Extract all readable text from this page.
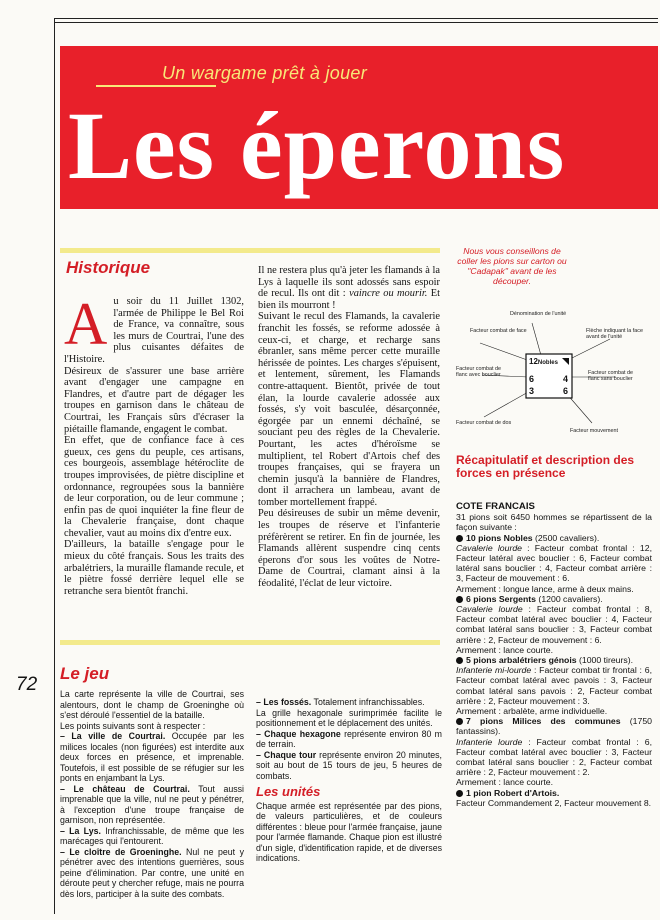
Un wargame prêt à jouer
Les éperons
Historique

A u soir du 11 Juillet 1302, l'armée de Philippe le Bel Roi de France, va connaître, sous les murs de Courtrai, l'une des plus cuisantes défaites de l'Histoire.

Désireux de s'assurer une base arrière avant d'engager une campagne en Flandres, et d'autre part de dégager les troupes en garnison dans le château de Courtrai, les Français sûrs d'écraser la piétaille flamande, engagent le combat.

En effet, que de confiance face à ces gueux, ces gens du peuple, ces artisans, ces bourgeois, assemblage hétéroclite de troupes improvisées, de piètre discipline et ordonnance, regroupées sous la bannière de leur corporation, ou de leur commune ; enfin pas de quoi inquiéter la fine fleur de la Chevalerie française, dont chaque chevalier, vaut au moins dix d'entre eux.

D'ailleurs, la bataille s'engage pour le mieux du côté français. Sous les traits des arbalétriers, la muraille flamande recule, et le piètre fossé derrière lequel elle se retranche sera bientôt franchi.

Il ne restera plus qu'à jeter les flamands à la Lys à laquelle ils sont adossés sans espoir de recul. Ils ont dit : vaincre ou mourir. Et bien ils mourront !

Suivant le recul des Flamands, la cavalerie franchit les fossés, se reforme adossée à ceux-ci, et charge, et recharge sans ébranler, sans même percer cette muraille hérissée de pointes. Les charges s'épuisent, et lentement, sûrement, les Flamands contre-attaquent. Bientôt, privée de tout élan, la lourde cavalerie adossée aux fossés, s'y voit basculée, désarçonnée, égorgée par un ennemi déchaîné, se souciant peu des règles de la Chevalerie. Pourtant, les actes d'héroïsme se multiplient, tel Robert d'Artois chef des troupes françaises, qui se frayera un chemin jusqu'à la bannière de Flandres, dont il arrachera un lambeau, avant de tomber mortellement frappé.

Peu désireuses de subir un même devenir, les troupes de réserve et l'infanterie préfèrèrent se retirer. En fin de journée, les Flamands allèrent suspendre cinq cents éperons d'or sous les voûtes de Notre-Dame de Courtrai, clamant ainsi à la féodalité, l'éclat de leur victoire.

72
Le jeu

La carte représente la ville de Courtrai, ses alentours, dont le champ de Groeninghe où s'est déroulé l'essentiel de la bataille.

Les points suivants sont à respecter :

– La ville de Courtrai. Occupée par les milices locales (non figurées) est interdite aux deux forces en présence, et imprenable. Toutefois, il est possible de se réfugier sur les ponts en enjambant la Lys.

– Le château de Courtrai. Tout aussi imprenable que la ville, nul ne peut y pénétrer, à l'exception d'une troupe française de garnison, non représentée.

– La Lys. Infranchissable, de même que les marécages qui l'entourent.

– Le cloître de Groeninghe. Nul ne peut y pénétrer avec des intentions guerrières, sous peine d'élimination. Par contre, une unité en déroute peut y chercher refuge, mais ne pourra dès lors, participer à la suite des combats.

– Les fossés. Totalement infranchissables.

La grille hexagonale surimprimée facilite le positionnement et le déplacement des unités.

– Chaque hexagone représente environ 80 m de terrain.

– Chaque tour représente environ 20 minutes, soit au bout de 15 tours de jeu, 5 heures de combats.

Les unités

Chaque armée est représentée par des pions, de valeurs particulières, et de couleurs différentes : bleue pour l'armée française, jaune pour l'armée flamande. Chaque pion est illustré d'un sigle, d'identification rapide, et de diverses indications.

Nous vous conseillons de coller les pions sur carton ou "Cadapak" avant de les découper.
Dénomination de l'unité
Facteur combat de face	Flèche indiquant la face avant de l'unité
Facteur combat de flanc avec bouclier	Facteur combat de flanc sans bouclier
Facteur combat de dos
Facteur mouvement
12Nobles
6	4
3	6
Récapitulatif et description des forces en présence

COTE FRANCAIS

31 pions soit 6450 hommes se répartissent de la façon suivante :

10 pions Nobles (2500 cavaliers).

Cavalerie lourde : Facteur combat frontal : 12, Facteur latéral avec bouclier : 6, Facteur combat latéral sans bouclier : 4, Facteur combat arrière : 3, Facteur de mouvement : 6.

Armement : longue lance, arme à deux mains.

6 pions Sergents (1200 cavaliers).

Cavalerie lourde : Facteur combat frontal : 8, Facteur combat latéral avec bouclier : 4, Facteur combat latéral sans bouclier : 3, Facteur combat arrière : 2, Facteur de mouvement : 6.

Armement : lance courte.

5 pions arbalétriers génois (1000 tireurs).

Infanterie mi-lourde : Facteur combat tir frontal : 6, Facteur combat latéral avec pavois : 3, Facteur combat latéral sans pavois : 2, Facteur combat arrière : 2, Facteur mouvement : 3.

Armement : arbalète, arme individuelle.

7 pions Milices des communes (1750 fantassins).

Infanterie lourde : Facteur combat frontal : 6, Facteur combat latéral avec bouclier : 3, Facteur combat latéral sans bouclier : 2, Facteur combat arrière : 2, Facteur mouvement : 2.

Armement : lance courte.

1 pion Robert d'Artois.

Facteur Commandement 2, Facteur mouvement 8.
